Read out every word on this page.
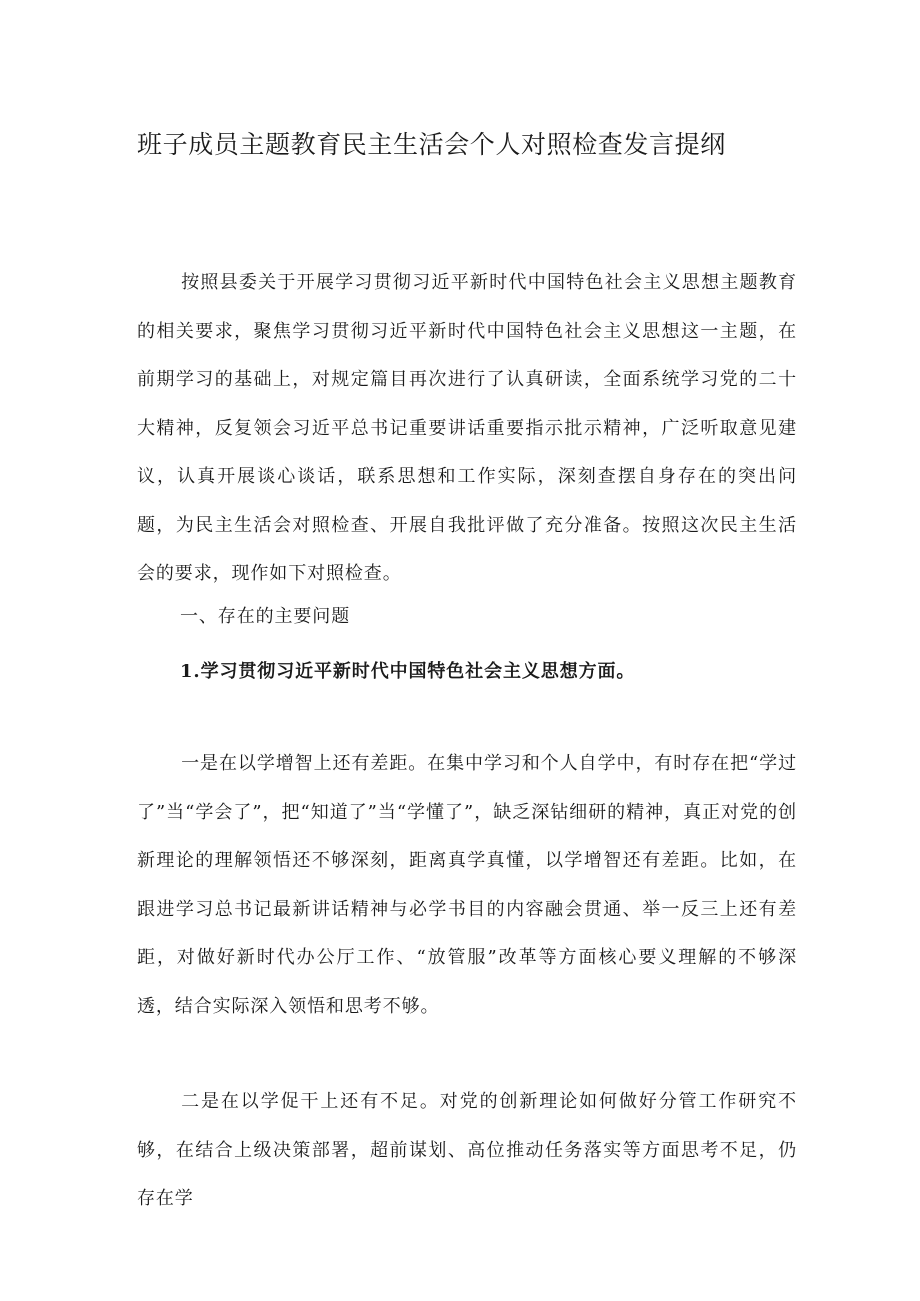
班子成员主题教育民主生活会个人对照检查发言提纲

按照县委关于开展学习贯彻习近平新时代中国特色社会主义思想主题教育的相关要求，聚焦学习贯彻习近平新时代中国特色社会主义思想这一主题，在前期学习的基础上，对规定篇目再次进行了认真研读，全面系统学习党的二十大精神，反复领会习近平总书记重要讲话重要指示批示精神，广泛听取意见建议，认真开展谈心谈话，联系思想和工作实际，深刻查摆自身存在的突出问题，为民主生活会对照检查、开展自我批评做了充分准备。按照这次民主生活会的要求，现作如下对照检查。

一、存在的主要问题

1.学习贯彻习近平新时代中国特色社会主义思想方面。

一是在以学增智上还有差距。在集中学习和个人自学中，有时存在把“学过了”当“学会了”，把“知道了”当“学懂了”，缺乏深钻细研的精神，真正对党的创新理论的理解领悟还不够深刻，距离真学真懂，以学增智还有差距。比如，在跟进学习总书记最新讲话精神与必学书目的内容融会贯通、举一反三上还有差距，对做好新时代办公厅工作、“放管服”改革等方面核心要义理解的不够深透，结合实际深入领悟和思考不够。

二是在以学促干上还有不足。对党的创新理论如何做好分管工作研究不够，在结合上级决策部署，超前谋划、高位推动任务落实等方面思考不足，仍存在学
